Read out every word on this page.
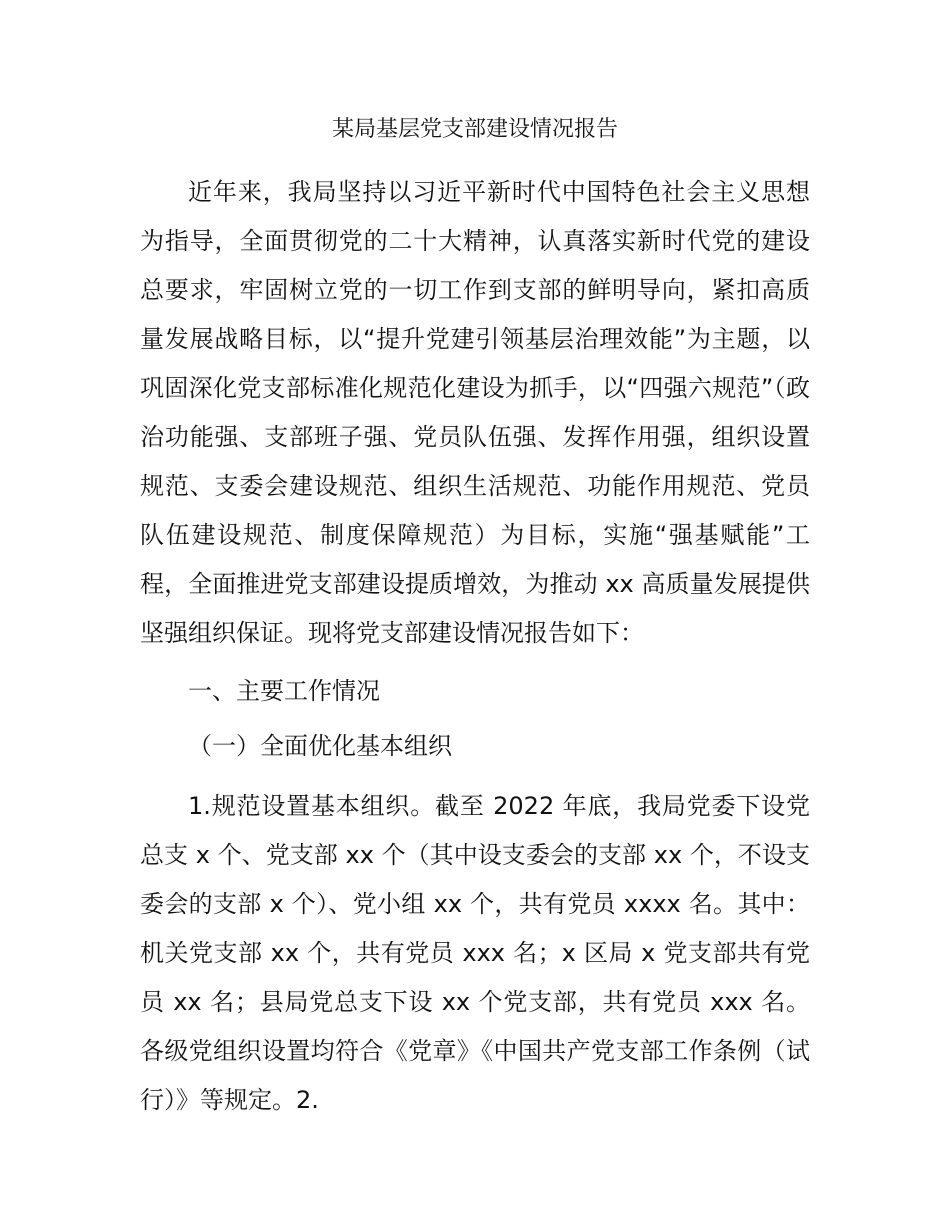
某局基层党支部建设情况报告

近年来，我局坚持以习近平新时代中国特色社会主义思想为指导，全面贯彻党的二十大精神，认真落实新时代党的建设总要求，牢固树立党的一切工作到支部的鲜明导向，紧扣高质量发展战略目标，以“提升党建引领基层治理效能”为主题，以巩固深化党支部标准化规范化建设为抓手，以“四强六规范”（政治功能强、支部班子强、党员队伍强、发挥作用强，组织设置规范、支委会建设规范、组织生活规范、功能作用规范、党员队伍建设规范、制度保障规范）为目标，实施“强基赋能”工程，全面推进党支部建设提质增效，为推动 xx 高质量发展提供坚强组织保证。现将党支部建设情况报告如下：

一、主要工作情况

（一）全面优化基本组织

1.规范设置基本组织。截至 2022 年底，我局党委下设党总支 x 个、党支部 xx 个（其中设支委会的支部 xx 个，不设支委会的支部 x 个）、党小组 xx 个，共有党员 xxxx 名。其中：机关党支部 xx 个，共有党员 xxx 名；x 区局 x 党支部共有党员 xx 名；县局党总支下设 xx 个党支部，共有党员 xxx 名。各级党组织设置均符合《党章》《中国共产党支部工作条例（试行）》等规定。2.
